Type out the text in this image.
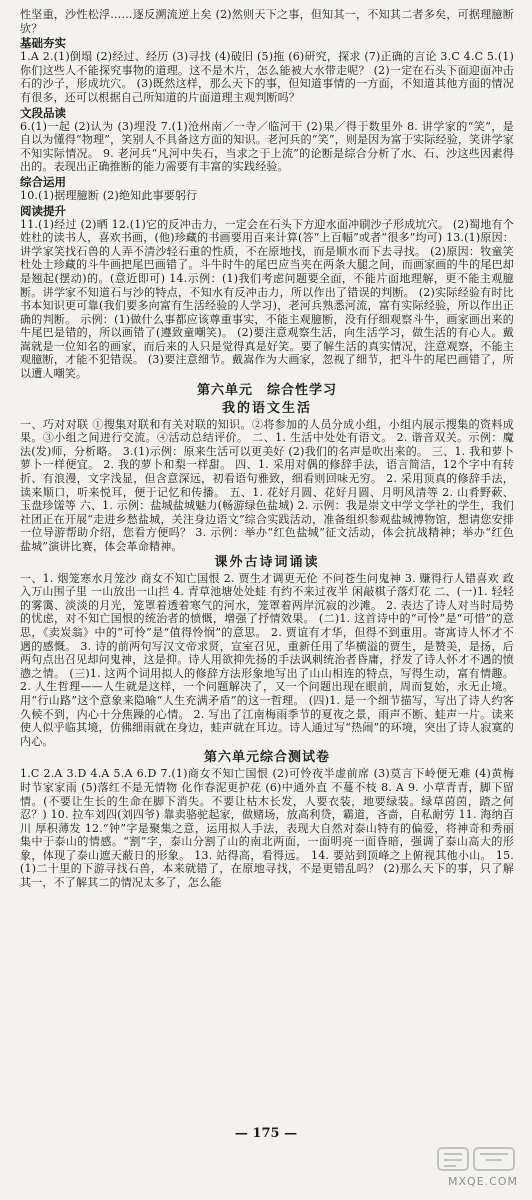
性坚重，沙性松浮……逐反溯流逆上矣 (2)然则天下之事，但知其一，不知其二者多矣，可据理臆断欤？

基础夯实

1.A 2.(1)倒塌 (2)经过、经历 (3)寻找 (4)破旧 (5)拖 (6)研究，探求 (7)正确的言论 3.C 4.C 5.(1)你们这些人不能探究事物的道理。这不是木片，怎么能被大水带走呢？ (2)一定在石头下面迎面冲击石的沙子，形成坑穴。 (3)既然这样，那么天下的事，但知道事情的一方面，不知道其他方面的情况有很多，还可以根据自己所知道的片面道理主观判断吗？

文段品读

6.(1)一起 (2)认为 (3)埋没 7.(1)沧州南／一寺／临河干 (2)果／得于数里外 8. 讲学家的“笑”，是自以为懂得“物理”，笑别人不具备这方面的知识。老河兵的“笑”，则是因为富于实际经验，笑讲学家不知实际情况。 9. 老河兵“凡河中失石，当求之于上流”的论断是综合分析了水、石、沙这些因素得出的。表现出正确推断的能力需要有丰富的实践经验。

综合运用

10.(1)据理臆断 (2)绝知此事要躬行

阅读提升

11.(1)经过 (2)晒 12.(1)它的反冲击力，一定会在石头下方迎水面冲刷沙子形成坑穴。 (2)蜀地有个姓杜的读书人，喜欢书画，(他)珍藏的书画要用百来计算(答“上百幅”或者“很多”均可) 13.(1)原因：讲学家笑找石兽的人弄不清沙轻石重的性质，不在原地找，而是顺水而下去寻找。 (2)原因：牧童笑杜处士珍藏的斗牛画把尾巴画错了。斗牛时牛的尾巴应当夹在两条大腿之间，而画家画的牛的尾巴却是翘起(摆动)的。(意近即可) 14.示例：(1)我们考虑问题要全面，不能片面地理解，更不能主观臆断。讲学家不知道石与沙的特点，不知水有反冲击力，所以作出了错误的判断。 (2)实际经验有时比书本知识更可靠(我们要多向富有生活经验的人学习)，老河兵熟悉河流，富有实际经验，所以作出正确的判断。 示例：(1)做什么事都应该尊重事实，不能主观臆断，没有仔细观察斗牛，画家画出来的牛尾巴是错的，所以画错了(遵致童嘲笑)。 (2)要注意观察生活，向生活学习，做生活的有心人。戴嵩就是一位知名的画家，而后来的人只是觉得真是好笑。要了解生活的真实情况，注意观察，不能主观臆断，才能不犯错误。 (3)要注意细节。戴嵩作为大画家，忽视了细节，把斗牛的尾巴画错了，所以遭人嘲笑。

第六单元　综合性学习

我的语文生活

一、巧对对联 ①搜集对联和有关对联的知识。②将参加的人员分成小组，小组内展示搜集的资料成果。③小组之间进行交流。④活动总结评价。 二、1. 生活中处处有语文。 2. 谐音双关。示例：魔法(发)师，分析略。 3.(1)示例：原来生活可以更美好 (2)我们的名声是吹出来的。 三、1. 我和萝卜萝卜一样便宜。 2. 我的萝卜和梨一样甜。 四、1. 采用对偶的修辞手法，语言简洁，12个字中有转折、有浪漫，文字浅显，但含意深远，初看语句雅致，细看则回味无穷。 2. 采用顶真的修辞手法，读来顺口，听来悦耳，便于记忆和传播。 五、1. 花好月圆、花好月圆、月明风清等 2. 山肴野蔌、玉盘珍馐等 六、1. 示例：盐城盐城魅力(畅游绿色盐城) 2. 示例：我是崇文中学文学社的学生，我们社团正在开展“走进乡愁盐城，关注身边语文”综合实践活动，准备组织参观盐城博物馆，想请您安排一位导游帮助介绍，您看方便吗？ 3. 示例：举办“红色盐城”征文活动，体会抗战精神；举办“红色盐城”演讲比赛，体会革命精神。

课外古诗词诵读

一、1. 烟笼寒水月笼沙 商女不知亡国恨 2. 贾生才调更无伦 不问苍生问鬼神 3. 赚得行人错喜欢 政入万山围子里 一山放出一山拦 4. 青草池塘处处蛙 有约不来过夜半 闲敲棋子落灯花 二、(一)1. 轻轻的雾霭、淡淡的月光，笼罩着透着寒气的河水，笼罩着两岸沉寂的沙滩。 2. 表达了诗人对当时局势的忧虑，对不知亡国恨的统治者的愤慨，增强了抒情效果。 (二)1. 这首诗中的“可怜”是“可惜”的意思，《卖炭翁》中的“可怜”是“值得怜悯”的意思。 2. 贾谊有才华，但得不到重用。寄寓诗人怀才不遇的感慨。 3. 诗的前两句写汉文帝求贤，宣室召见，重新任用了华横溢的贾生，是赞美，是扬，后两句点出召见却问鬼神，这是抑。诗人用欲抑先扬的手法讽刺统治者昏庸，抒发了诗人怀才不遇的愤懑之情。 (三)1. 这两个词用拟人的修辞方法形象地写出了山山相连的特点，写得生动，富有情趣。 2. 人生哲理——人生就是这样，一个问题解决了，又一个问题出现在眼前，周而复始，永无止境。用“行山路”这个意象来隐喻“人生充满矛盾”的这一哲理。 (四)1. 是一个细节描写，写出了诗人约客久候不到，内心十分焦躁的心情。 2. 写出了江南梅雨季节的夏夜之景，雨声不断、蛙声一片。读来使人似乎临其境，仿佛细雨就在身边，蛙声就在耳边。诗人通过写“热闹”的环境，突出了诗人寂寞的内心。

第六单元综合测试卷

1.C 2.A 3.D 4.A 5.A 6.D 7.(1)商女不知亡国恨 (2)可怜夜半虚前席 (3)莫言下岭便无难 (4)黄梅时节家家雨 (5)落红不是无情物 化作春泥更护花 (6)中通外直 不蔓不枝 8. A 9. 小草青青，脚下留情。(不要让生长的生命在脚下消失。不要让枯木长发，人要衣装，地要绿装。绿草茵茵，踏之何忍？) 10. 拉车刘四(刘四爷) 靠卖骆驼起家，做赌场，放高利贷，霸道，吝啬，自私耐劳 11. 海纳百川 厚积薄发 12.“钟”字是聚集之意，运用拟人手法，表现大自然对泰山特有的偏爱，将神奇和秀丽集中于泰山的情感。“割”字，泰山分割了山的南北两面，一面明亮一面昏暗，强调了泰山高大的形象，体现了泰山遮天蔽日的形象。 13. 站得高，看得远。 14. 要站到顶峰之上俯视其他小山。 15.(1)二十里的下游寻找石兽，本来就错了，在原地寻找，不是更错乱吗？ (2)那么天下的事，只了解其一，不了解其二的情况太多了，怎么能

— 175 —
MXQE.COM
